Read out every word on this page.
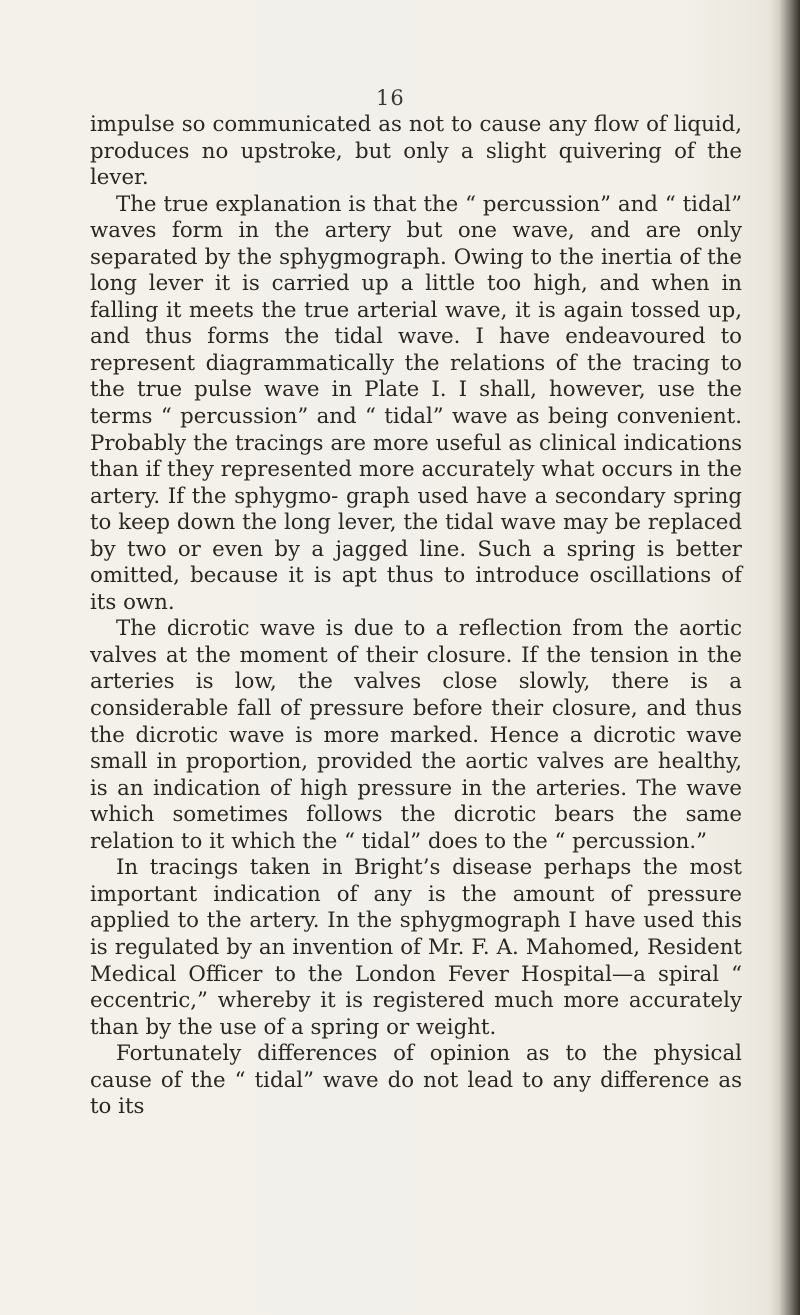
16

impulse so communicated as not to cause any flow of liquid, produces no upstroke, but only a slight quivering of the lever.

The true explanation is that the “ percussion” and “ tidal” waves form in the artery but one wave, and are only separated by the sphygmograph. Owing to the inertia of the long lever it is carried up a little too high, and when in falling it meets the true arterial wave, it is again tossed up, and thus forms the tidal wave. I have endeavoured to represent diagrammatically the relations of the tracing to the true pulse wave in Plate I. I shall, however, use the terms “ percussion” and “ tidal” wave as being convenient. Probably the tracings are more useful as clinical indications than if they represented more accurately what occurs in the artery. If the sphygmo- graph used have a secondary spring to keep down the long lever, the tidal wave may be replaced by two or even by a jagged line. Such a spring is better omitted, because it is apt thus to introduce oscillations of its own.

The dicrotic wave is due to a reflection from the aortic valves at the moment of their closure. If the tension in the arteries is low, the valves close slowly, there is a considerable fall of pressure before their closure, and thus the dicrotic wave is more marked. Hence a dicrotic wave small in proportion, provided the aortic valves are healthy, is an indication of high pressure in the arteries. The wave which sometimes follows the dicrotic bears the same relation to it which the “ tidal” does to the “ percussion.”

In tracings taken in Bright’s disease perhaps the most important indication of any is the amount of pressure applied to the artery. In the sphygmograph I have used this is regulated by an invention of Mr. F. A. Mahomed, Resident Medical Officer to the London Fever Hospital—a spiral “ eccentric,” whereby it is registered much more accurately than by the use of a spring or weight.

Fortunately differences of opinion as to the physical cause of the “ tidal” wave do not lead to any difference as to its
